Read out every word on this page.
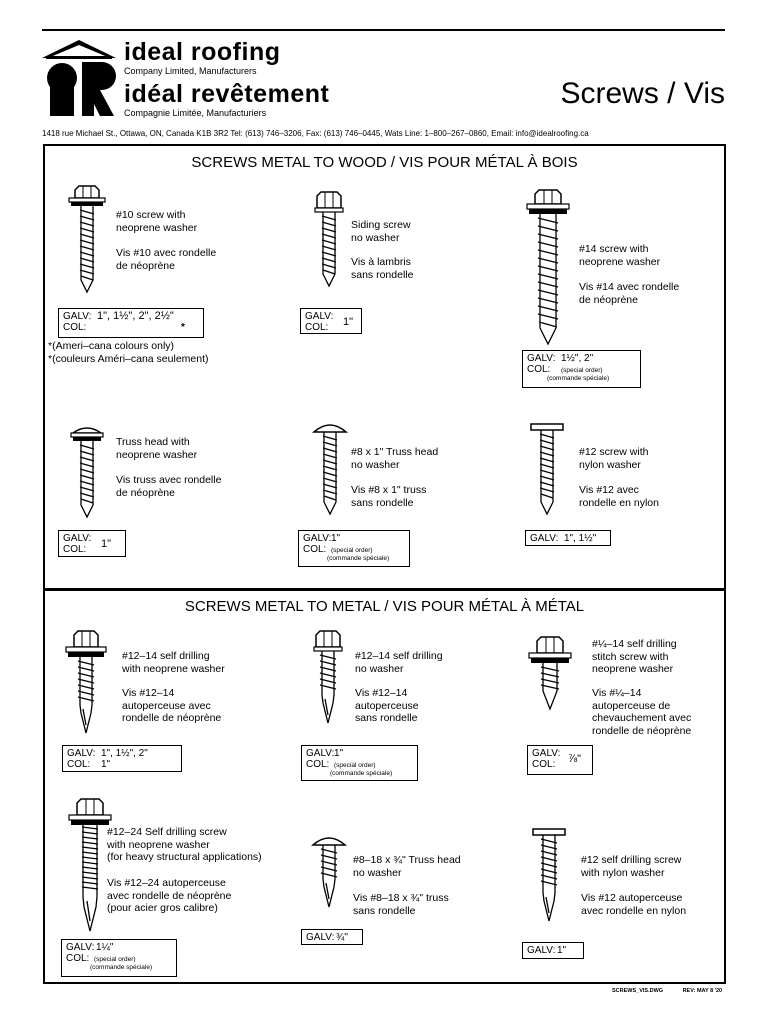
ideal roofing
Company Limited, Manufacturers
idéal revêtement
Compagnie Limitée, Manufacturiers
Screws / Vis
1418 rue Michael St., Ottawa, ON, Canada K1B 3R2 Tel: (613) 746–3206, Fax: (613) 746–0445, Wats Line: 1–800–267–0860, Email: info@idealroofing.ca
SCREWS METAL TO WOOD / VIS POUR MÉTAL À BOIS
#10 screw with
neoprene washer
Vis #10 avec rondelle
de néoprène
GALV: 1", 1½", 2", 2½"
COL:	*
*(Ameri–cana colours only)
*(couleurs Améri–cana seulement)
Siding screw
no washer
Vis à lambris
sans rondelle
GALV:
COL:	1"
#14 screw with
neoprene washer
Vis #14 avec rondelle
de néoprène
GALV: 1½", 2"
COL: (special order)
(commande spéciale)
Truss head with
neoprene washer
Vis truss avec rondelle
de néoprène
GALV:
COL:	1"
#8 x 1" Truss head
no washer
Vis #8 x 1" truss
sans rondelle
GALV:1"
COL: (special order)
(commande spéciale)
#12 screw with
nylon washer
Vis #12 avec
rondelle en nylon
GALV: 1", 1½"
SCREWS METAL TO METAL / VIS POUR MÉTAL À MÉTAL
#12–14 self drilling
with neoprene washer
Vis #12–14
autoperceuse avec
rondelle de néoprène
GALV: 1", 1½", 2"
COL: 1"
#12–14 self drilling
no washer
Vis #12–14
autoperceuse
sans rondelle
GALV:1"
COL: (special order)
(commande spéciale)
#¼–14 self drilling
stitch screw with
neoprene washer
Vis #¼–14
autoperceuse de
chevauchement avec
rondelle de néoprène
GALV:
COL:	⅞"
#12–24 Self drilling screw
with neoprene washer
(for heavy structural applications)
Vis #12–24 autoperceuse
avec rondelle de néoprène
(pour acier gros calibre)
GALV: 1¼"
COL: (special order)
(commande spéciale)
#8–18 x ¾" Truss head
no washer
Vis #8–18 x ¾" truss
sans rondelle
GALV: ¾"
#12 self drilling screw
with nylon washer
Vis #12 autoperceuse
avec rondelle en nylon
GALV: 1"
SCREWS_VIS.DWG	REV: MAY 8 '20
